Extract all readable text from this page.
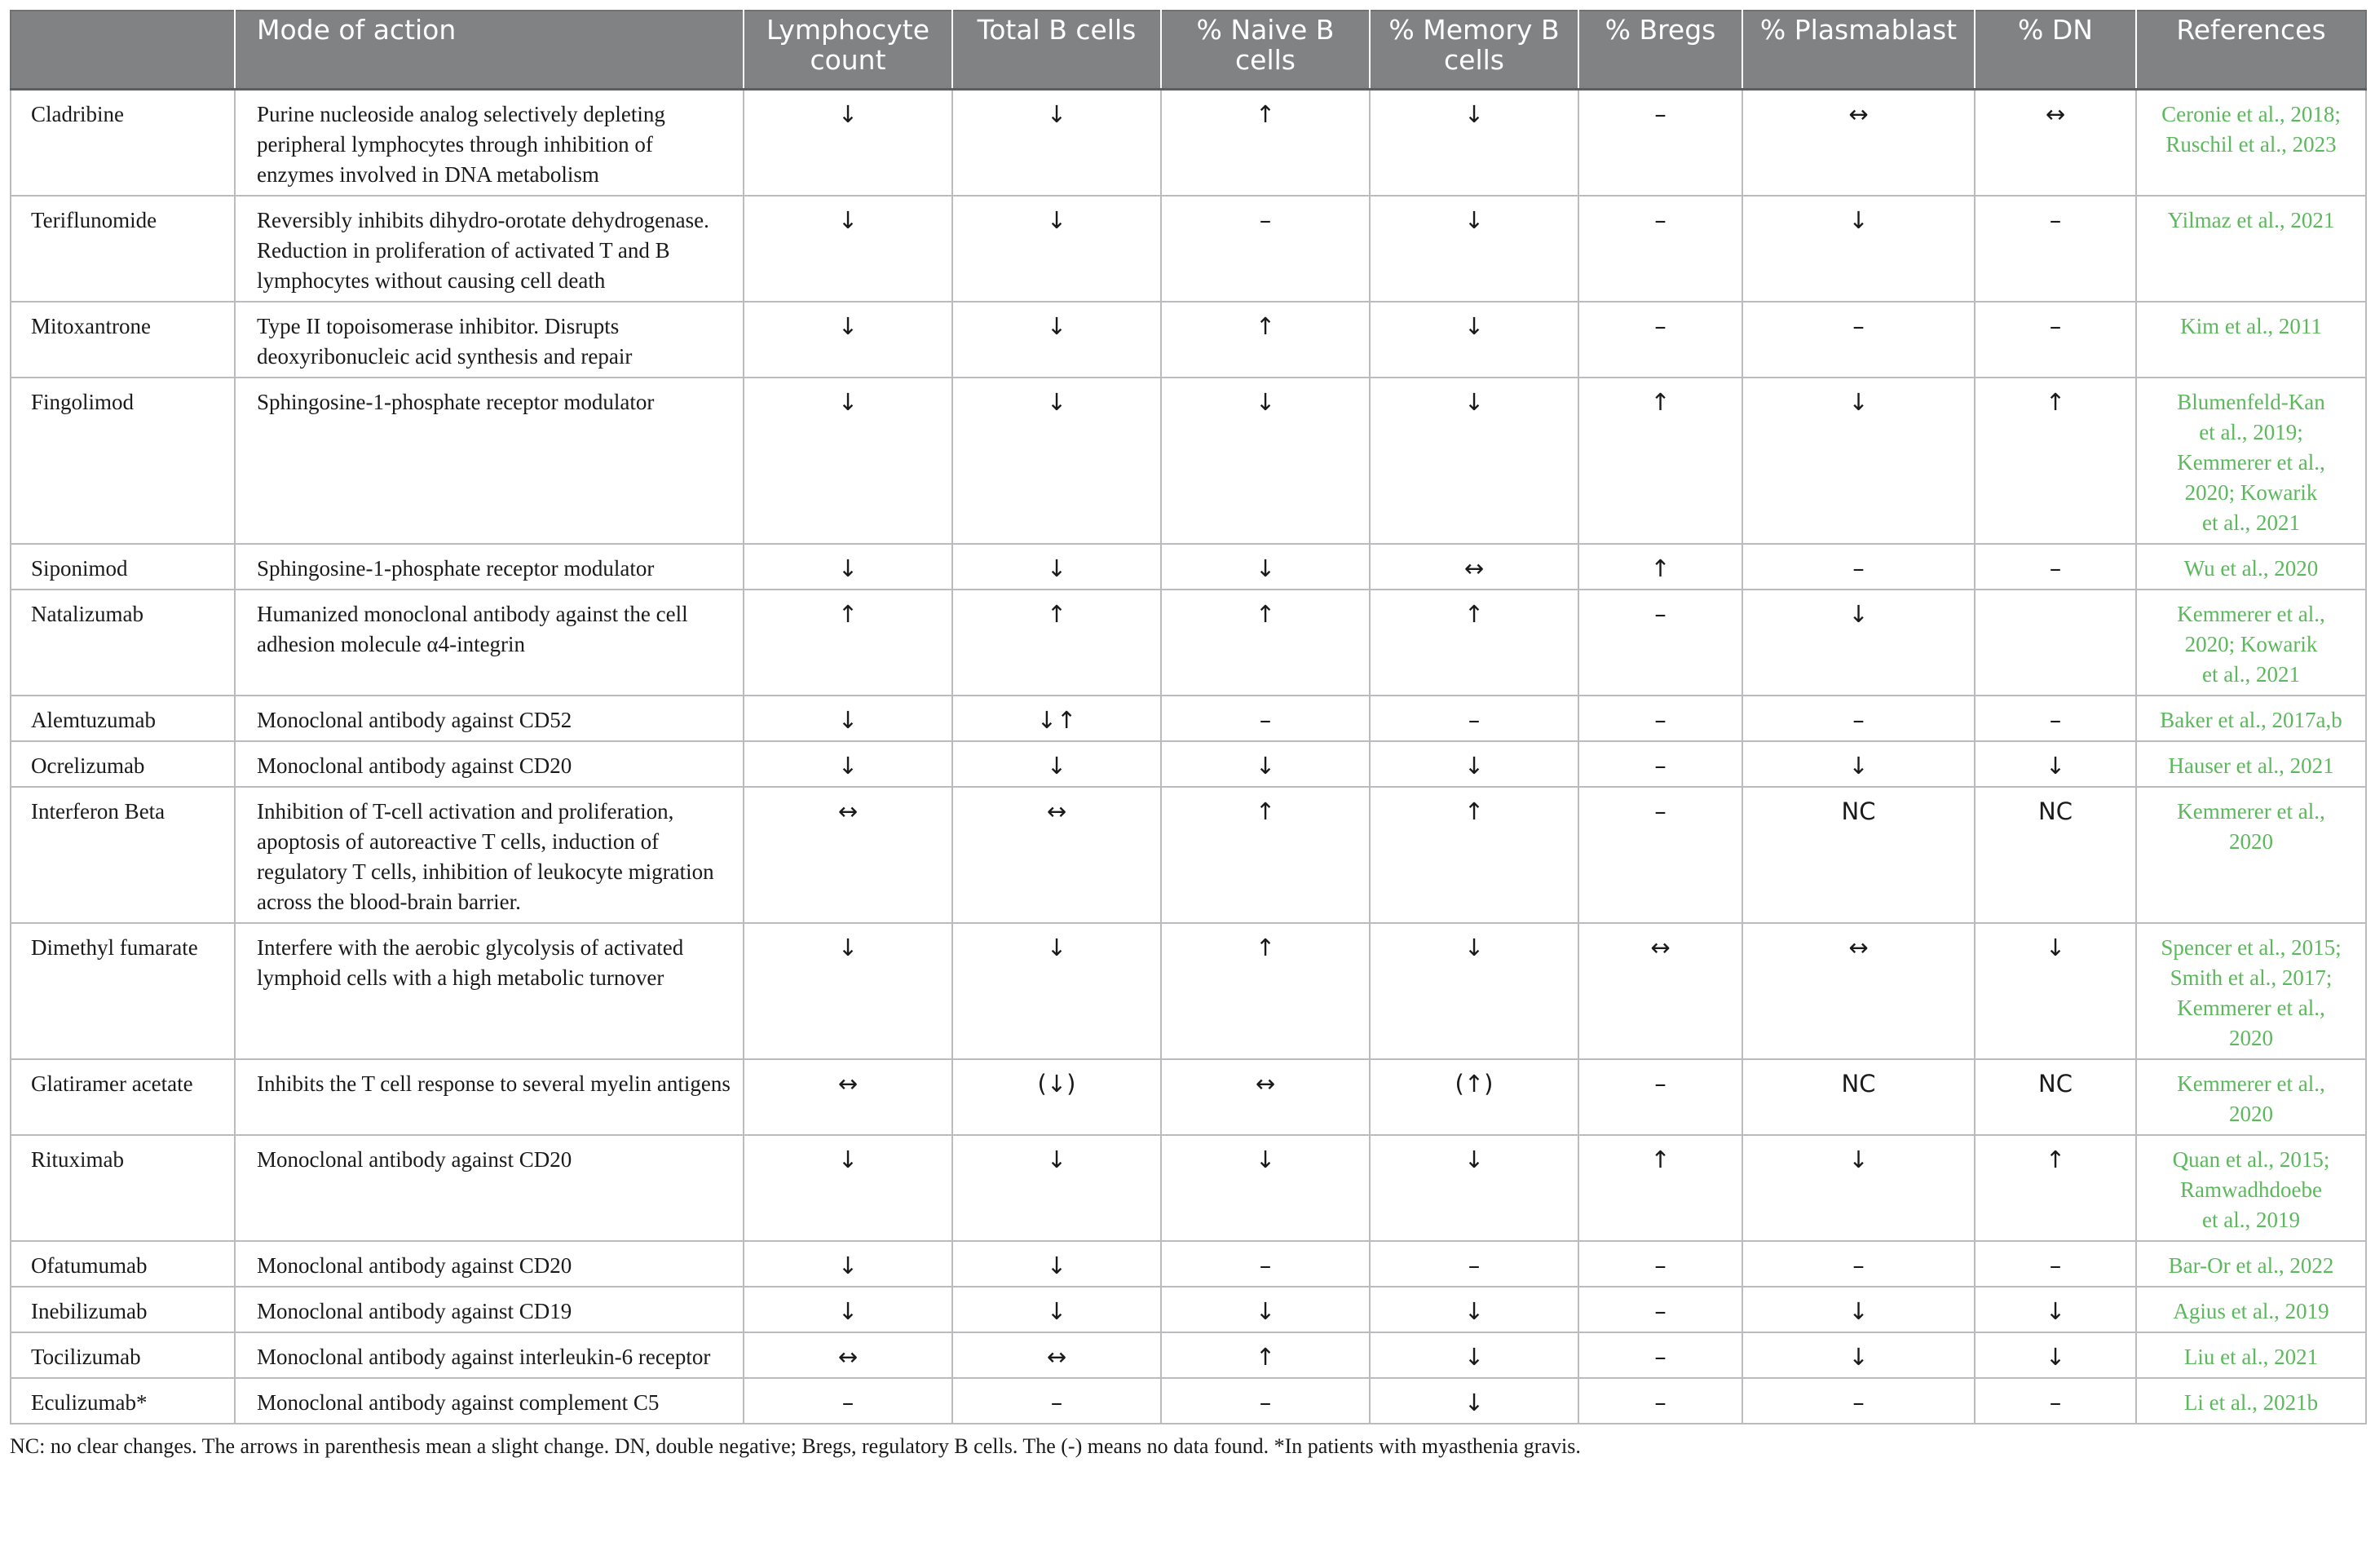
	Mode of action	Lymphocyte count	Total B cells	% Naive B cells	% Memory B cells	% Bregs	% Plasmablast	% DN	References
Cladribine	Purine nucleoside analog selectively depleting peripheral lymphocytes through inhibition of enzymes involved in DNA metabolism	↓	↓	↑	↓	–	↔	↔	Ceronie et al., 2018;
Ruschil et al., 2023

Teriflunomide	Reversibly inhibits dihydro-orotate dehydrogenase. Reduction in proliferation of activated T and B lymphocytes without causing cell death	↓	↓	–	↓	–	↓	–	Yilmaz et al., 2021

Mitoxantrone	Type II topoisomerase inhibitor. Disrupts deoxyribonucleic acid synthesis and repair	↓	↓	↑	↓	–	–	–	Kim et al., 2011

Fingolimod	Sphingosine-1-phosphate receptor modulator	↓	↓	↓	↓	↑	↓	↑	Blumenfeld-Kan
et al., 2019;
Kemmerer et al.,
2020; Kowarik
et al., 2021

Siponimod	Sphingosine-1-phosphate receptor modulator	↓	↓	↓	↔	↑	–	–	Wu et al., 2020

Natalizumab	Humanized monoclonal antibody against the cell adhesion molecule α4-integrin	↑	↑	↑	↑	–	↓		Kemmerer et al.,
2020; Kowarik
et al., 2021

Alemtuzumab	Monoclonal antibody against CD52	↓	↓↑	–	–	–	–	–	Baker et al., 2017a,b

Ocrelizumab	Monoclonal antibody against CD20	↓	↓	↓	↓	–	↓	↓	Hauser et al., 2021

Interferon Beta	Inhibition of T-cell activation and proliferation, apoptosis of autoreactive T cells, induction of regulatory T cells, inhibition of leukocyte migration across the blood-brain barrier.	↔	↔	↑	↑	–	NC	NC	Kemmerer et al.,
2020

Dimethyl fumarate	Interfere with the aerobic glycolysis of activated lymphoid cells with a high metabolic turnover	↓	↓	↑	↓	↔	↔	↓	Spencer et al., 2015;
Smith et al., 2017;
Kemmerer et al.,
2020

Glatiramer acetate	Inhibits the T cell response to several myelin antigens	↔	(↓)	↔	(↑)	–	NC	NC	Kemmerer et al.,
2020

Rituximab	Monoclonal antibody against CD20	↓	↓	↓	↓	↑	↓	↑	Quan et al., 2015;
Ramwadhdoebe
et al., 2019

Ofatumumab	Monoclonal antibody against CD20	↓	↓	–	–	–	–	–	Bar-Or et al., 2022

Inebilizumab	Monoclonal antibody against CD19	↓	↓	↓	↓	–	↓	↓	Agius et al., 2019

Tocilizumab	Monoclonal antibody against interleukin-6 receptor	↔	↔	↑	↓	–	↓	↓	Liu et al., 2021

Eculizumab*	Monoclonal antibody against complement C5	–	–	–	↓	–	–	–	Li et al., 2021b
NC: no clear changes. The arrows in parenthesis mean a slight change. DN, double negative; Bregs, regulatory B cells. The (-) means no data found. *In patients with myasthenia gravis.
